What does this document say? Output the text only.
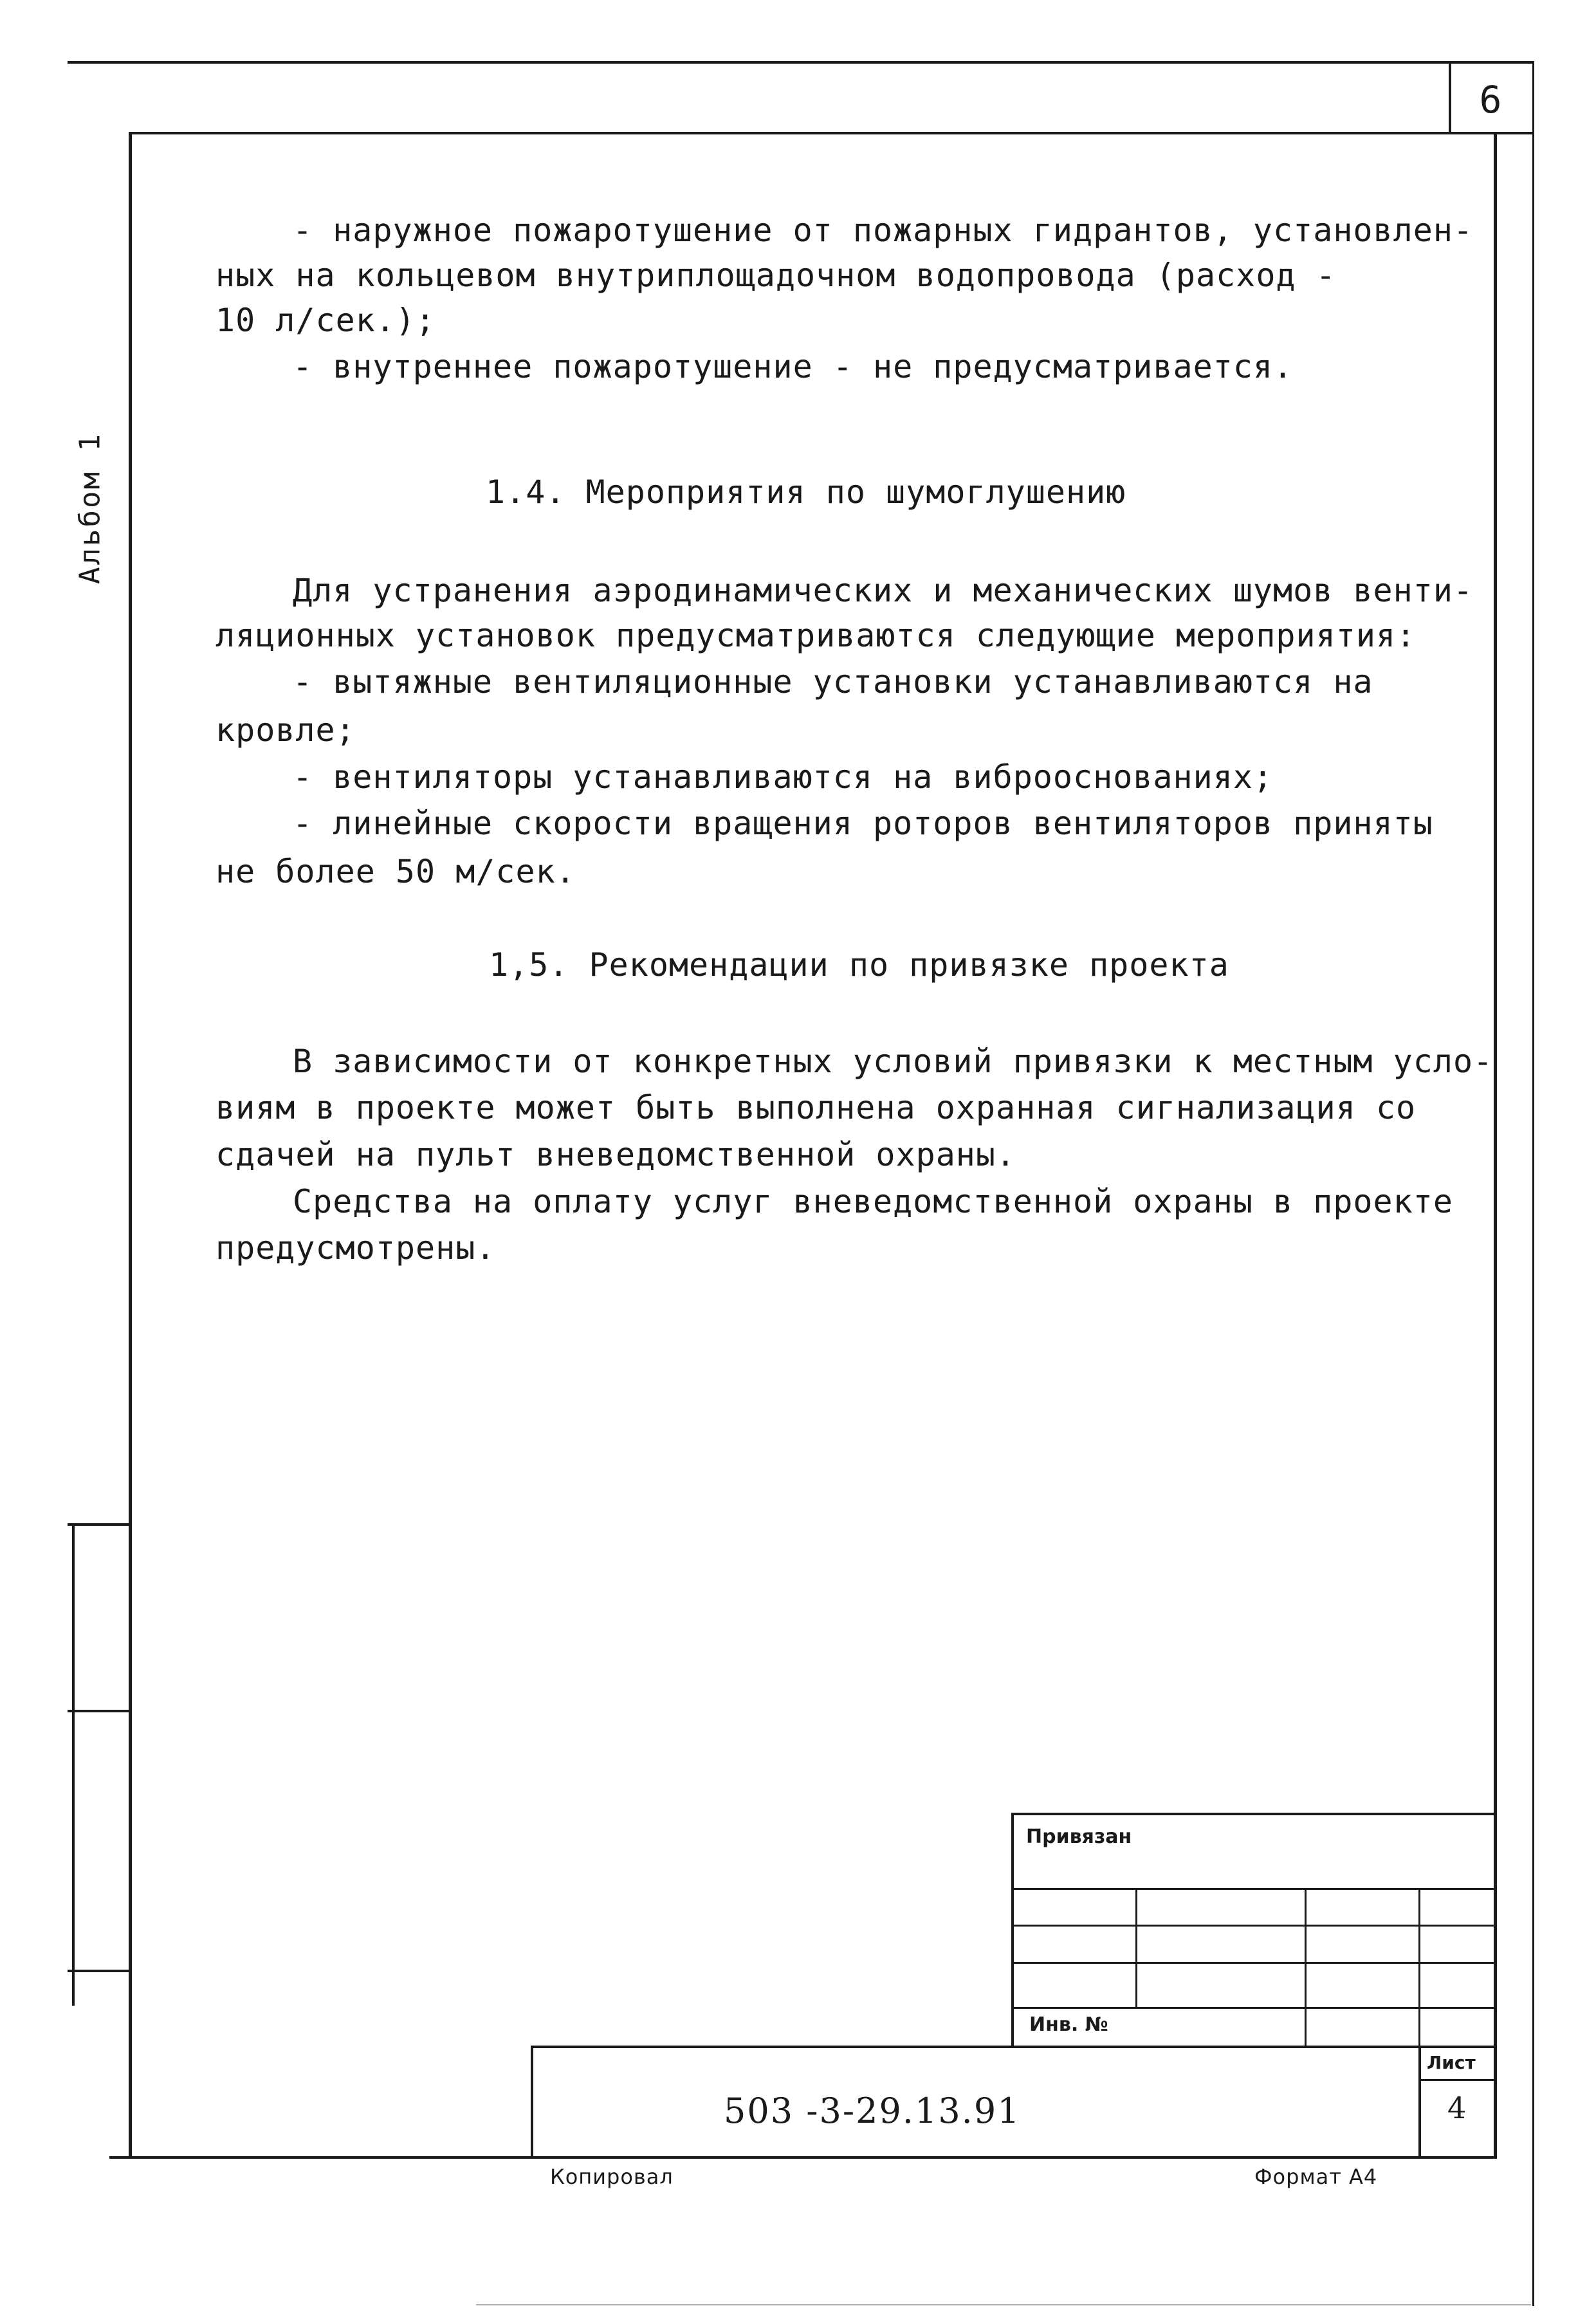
6
Альбом 1
- наружное пожаротушение от пожарных гидрантов, установлен-
ных на кольцевом внутриплощадочном водопровода (расход -
10 л/сек.);
- внутреннее пожаротушение - не предусматривается.
1.4. Мероприятия по шумоглушению
Для устранения аэродинамических и механических шумов венти-
ляционных установок предусматриваются следующие мероприятия:
- вытяжные вентиляционные установки устанавливаются на
кровле;
- вентиляторы устанавливаются на виброоснованиях;
- линейные скорости вращения роторов вентиляторов приняты
не более 50 м/сек.
1,5. Рекомендации по привязке проекта
В зависимости от конкретных условий привязки к местным усло-
виям в проекте может быть выполнена охранная сигнализация со
сдачей на пульт вневедомственной охраны.
Средства на оплату услуг вневедомственной охраны в проекте
предусмотрены.
Привязан
Инв. №
Лист
4
503 -3-29.13.91
Копировал	Формат А4
